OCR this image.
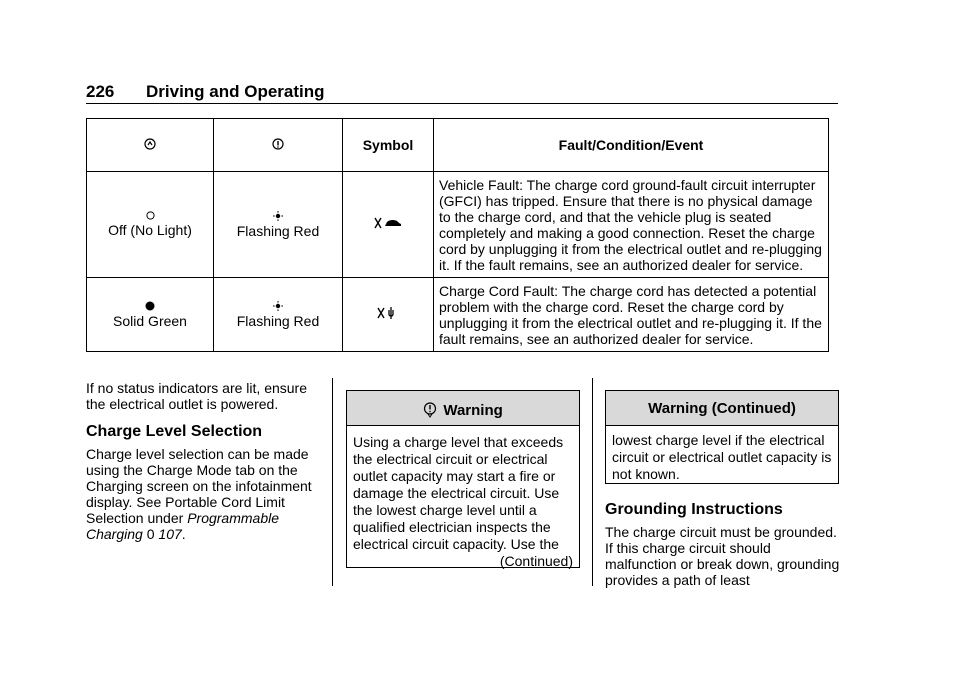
226 Driving and Operating
		Symbol	Fault/Condition/Event

Off (No Light)	Flashing Red		Vehicle Fault: The charge cord ground-fault circuit interrupter (GFCI) has tripped. Ensure that there is no physical damage to the charge cord, and that the vehicle plug is seated completely and making a good connection. Reset the charge cord by unplugging it from the electrical outlet and re-plugging it. If the fault remains, see an authorized dealer for service.

Solid Green	Flashing Red		Charge Cord Fault: The charge cord has detected a potential problem with the charge cord. Reset the charge cord by unplugging it from the electrical outlet and re-plugging it. If the fault remains, see an authorized dealer for service.

If no status indicators are lit, ensure the electrical outlet is powered.

Charge Level Selection

Charge level selection can be made using the Charge Mode tab on the Charging screen on the infotainment display. See Portable Cord Limit Selection under Programmable Charging 0 107.

Warning
Using a charge level that exceeds the electrical circuit or electrical outlet capacity may start a fire or damage the electrical circuit. Use the lowest charge level until a qualified electrician inspects the electrical circuit capacity. Use the
(Continued)
Warning (Continued)
lowest charge level if the electrical circuit or electrical outlet capacity is not known.

Grounding Instructions

The charge circuit must be grounded. If this charge circuit should malfunction or break down, grounding provides a path of least
